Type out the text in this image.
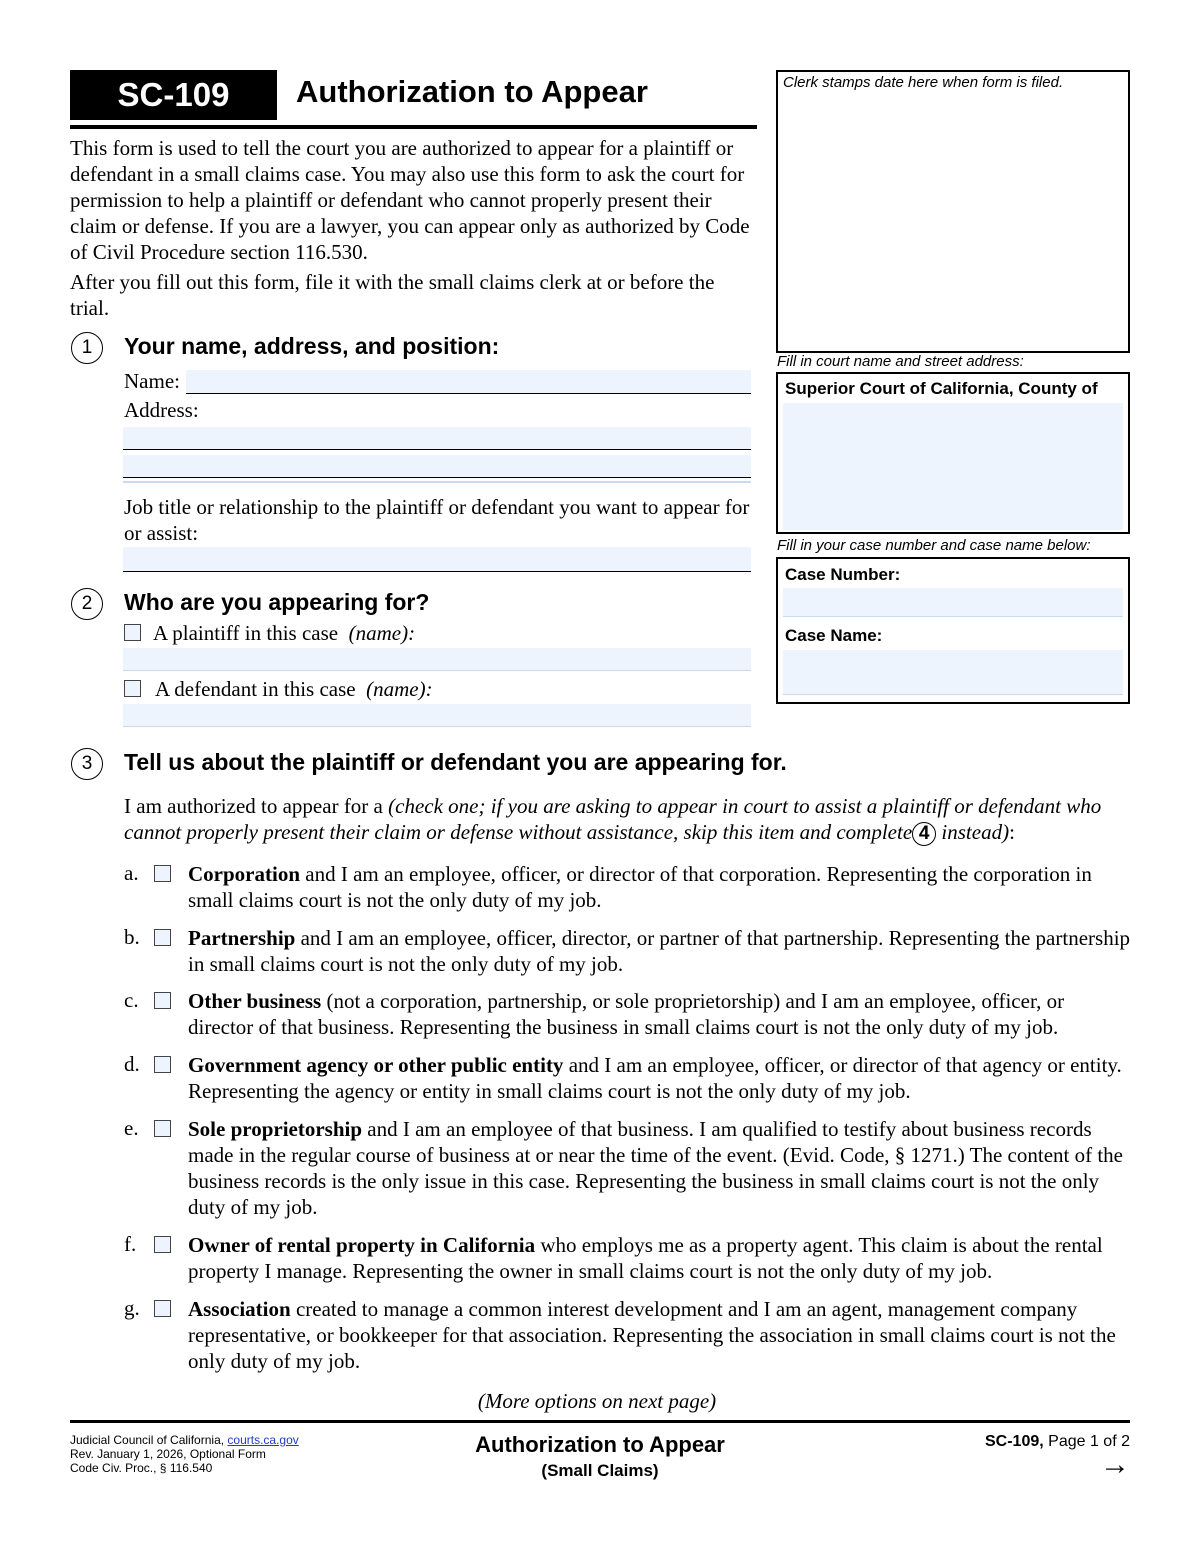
SC-109	Authorization to Appear
This form is used to tell the court you are authorized to appear for a plaintiff or defendant in a small claims case. You may also use this form to ask the court for permission to help a plaintiff or defendant who cannot properly present their claim or defense. If you are a lawyer, you can appear only as authorized by Code of Civil Procedure section 116.530.
After you fill out this form, file it with the small claims clerk at or before the trial.
1	Your name, address, and position:
Name:
Address:
Job title or relationship to the plaintiff or defendant you want to appear for or assist:
2	Who are you appearing for?
A plaintiff in this case (name):
A defendant in this case (name):
Clerk stamps date here when form is filed.
Fill in court name and street address:
Superior Court of California, County of
Fill in your case number and case name below:
Case Number:
Case Name:
3	Tell us about the plaintiff or defendant you are appearing for.
I am authorized to appear for a (check one; if you are asking to appear in court to assist a plaintiff or defendant who cannot properly present their claim or defense without assistance, skip this item and complete 4 instead):
a. Corporation and I am an employee, officer, or director of that corporation. Representing the corporation in small claims court is not the only duty of my job.
b. Partnership and I am an employee, officer, director, or partner of that partnership. Representing the partnership in small claims court is not the only duty of my job.
c. Other business (not a corporation, partnership, or sole proprietorship) and I am an employee, officer, or director of that business. Representing the business in small claims court is not the only duty of my job.
d. Government agency or other public entity and I am an employee, officer, or director of that agency or entity. Representing the agency or entity in small claims court is not the only duty of my job.
e. Sole proprietorship and I am an employee of that business. I am qualified to testify about business records made in the regular course of business at or near the time of the event. (Evid. Code, § 1271.) The content of the business records is the only issue in this case. Representing the business in small claims court is not the only duty of my job.
f. Owner of rental property in California who employs me as a property agent. This claim is about the rental property I manage. Representing the owner in small claims court is not the only duty of my job.
g. Association created to manage a common interest development and I am an agent, management company representative, or bookkeeper for that association. Representing the association in small claims court is not the only duty of my job.
(More options on next page)
Judicial Council of California, courts.ca.gov
Rev. January 1, 2026, Optional Form
Code Civ. Proc., § 116.540
Authorization to Appear
(Small Claims)
SC-109, Page 1 of 2
→
